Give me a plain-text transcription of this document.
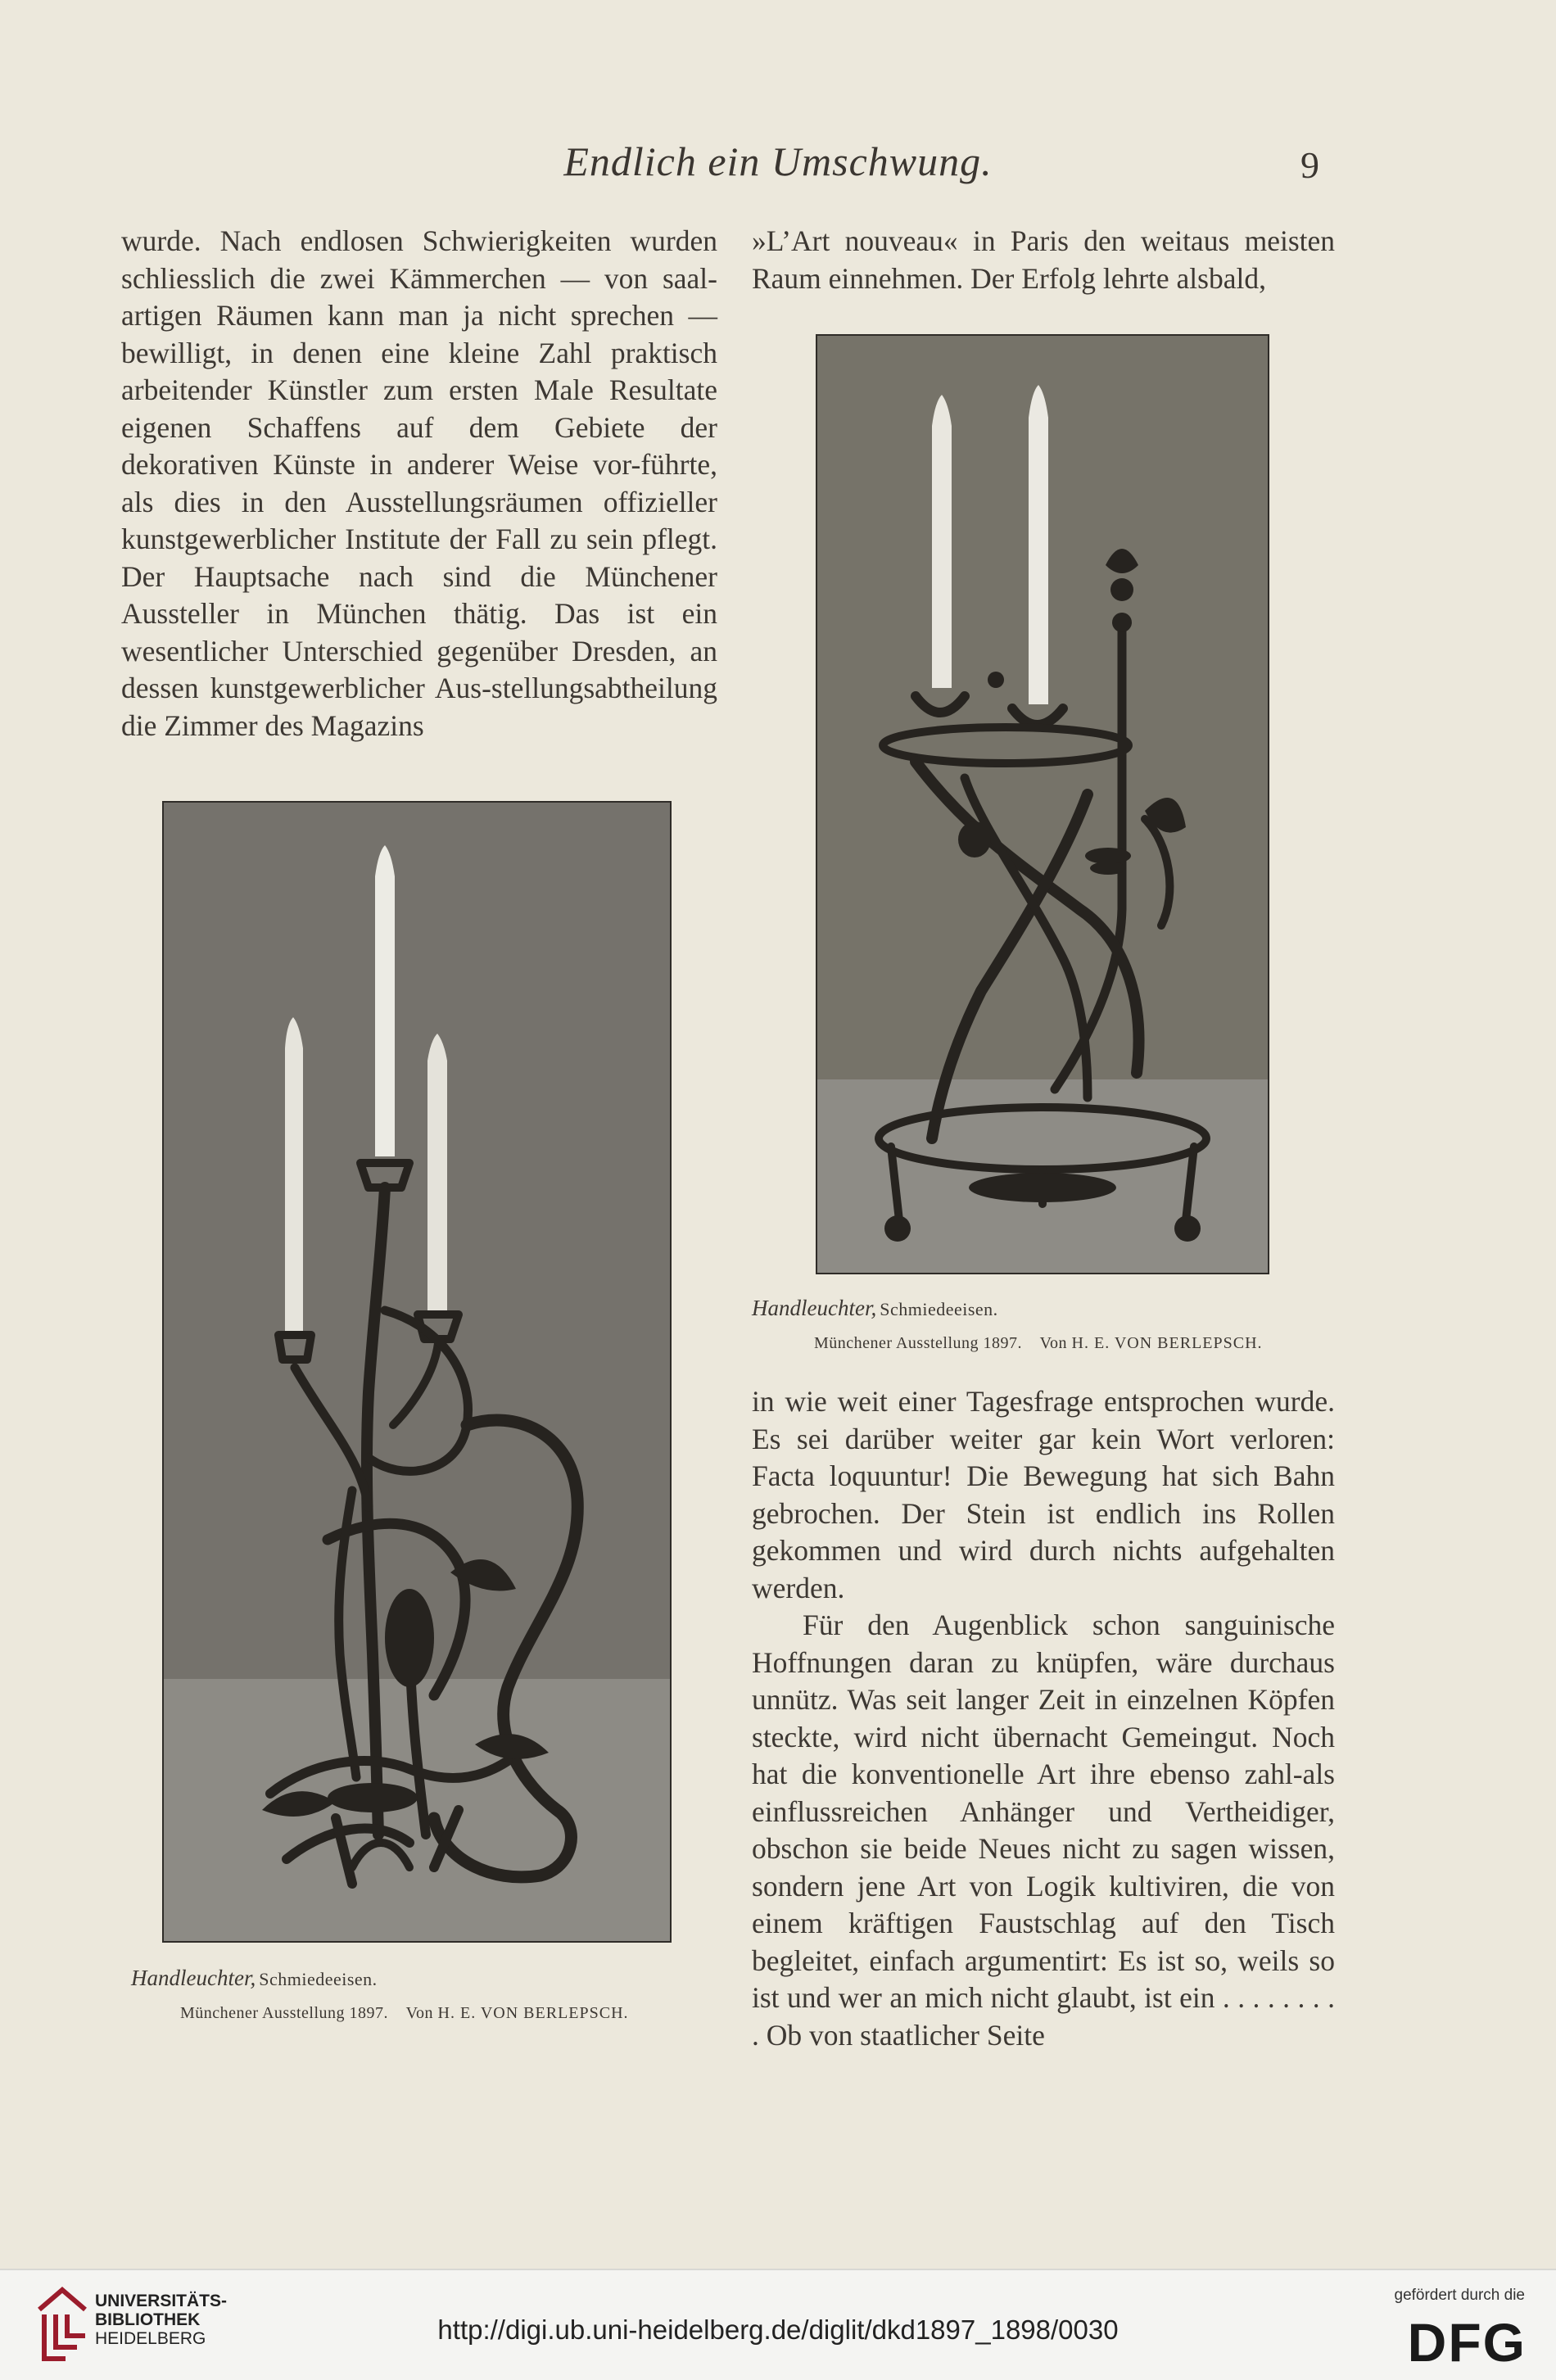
Endlich ein Umschwung.	9

wurde. Nach endlosen Schwierigkeiten wurden schliesslich die zwei Kämmerchen — von saal-artigen Räumen kann man ja nicht sprechen — bewilligt, in denen eine kleine Zahl praktisch arbeitender Künstler zum ersten Male Resultate eigenen Schaffens auf dem Gebiete der dekorativen Künste in anderer Weise vor-führte, als dies in den Ausstellungsräumen offizieller kunstgewerblicher Institute der Fall zu sein pflegt. Der Hauptsache nach sind die Münchener Aussteller in München thätig. Das ist ein wesentlicher Unterschied gegenüber Dresden, an dessen kunstgewerblicher Aus-stellungsabtheilung die Zimmer des Magazins

»L’Art nouveau« in Paris den weitaus meisten Raum einnehmen. Der Erfolg lehrte alsbald,

Handleuchter, Schmiedeeisen.
Münchener Ausstellung 1897. Von H. E. VON BERLEPSCH.

in wie weit einer Tagesfrage entsprochen wurde. Es sei darüber weiter gar kein Wort verloren: Facta loquuntur! Die Bewegung hat sich Bahn gebrochen. Der Stein ist endlich ins Rollen gekommen und wird durch nichts aufgehalten werden.

Für den Augenblick schon sanguinische Hoffnungen daran zu knüpfen, wäre durchaus unnütz. Was seit langer Zeit in einzelnen Köpfen steckte, wird nicht übernacht Gemeingut. Noch hat die konventionelle Art ihre ebenso zahl-als einflussreichen Anhänger und Vertheidiger, obschon sie beide Neues nicht zu sagen wissen, sondern jene Art von Logik kultiviren, die von einem kräftigen Faustschlag auf den Tisch begleitet, einfach argumentirt: Es ist so, weils so ist und wer an mich nicht glaubt, ist ein . . . . . . . . . Ob von staatlicher Seite

Handleuchter, Schmiedeeisen.
Münchener Ausstellung 1897. Von H. E. VON BERLEPSCH.
UNIVERSITÄTS-
BIBLIOTHEK
HEIDELBERG	http://digi.ub.uni-heidelberg.de/diglit/dkd1897_1898/0030
gefördert durch die
DFG
